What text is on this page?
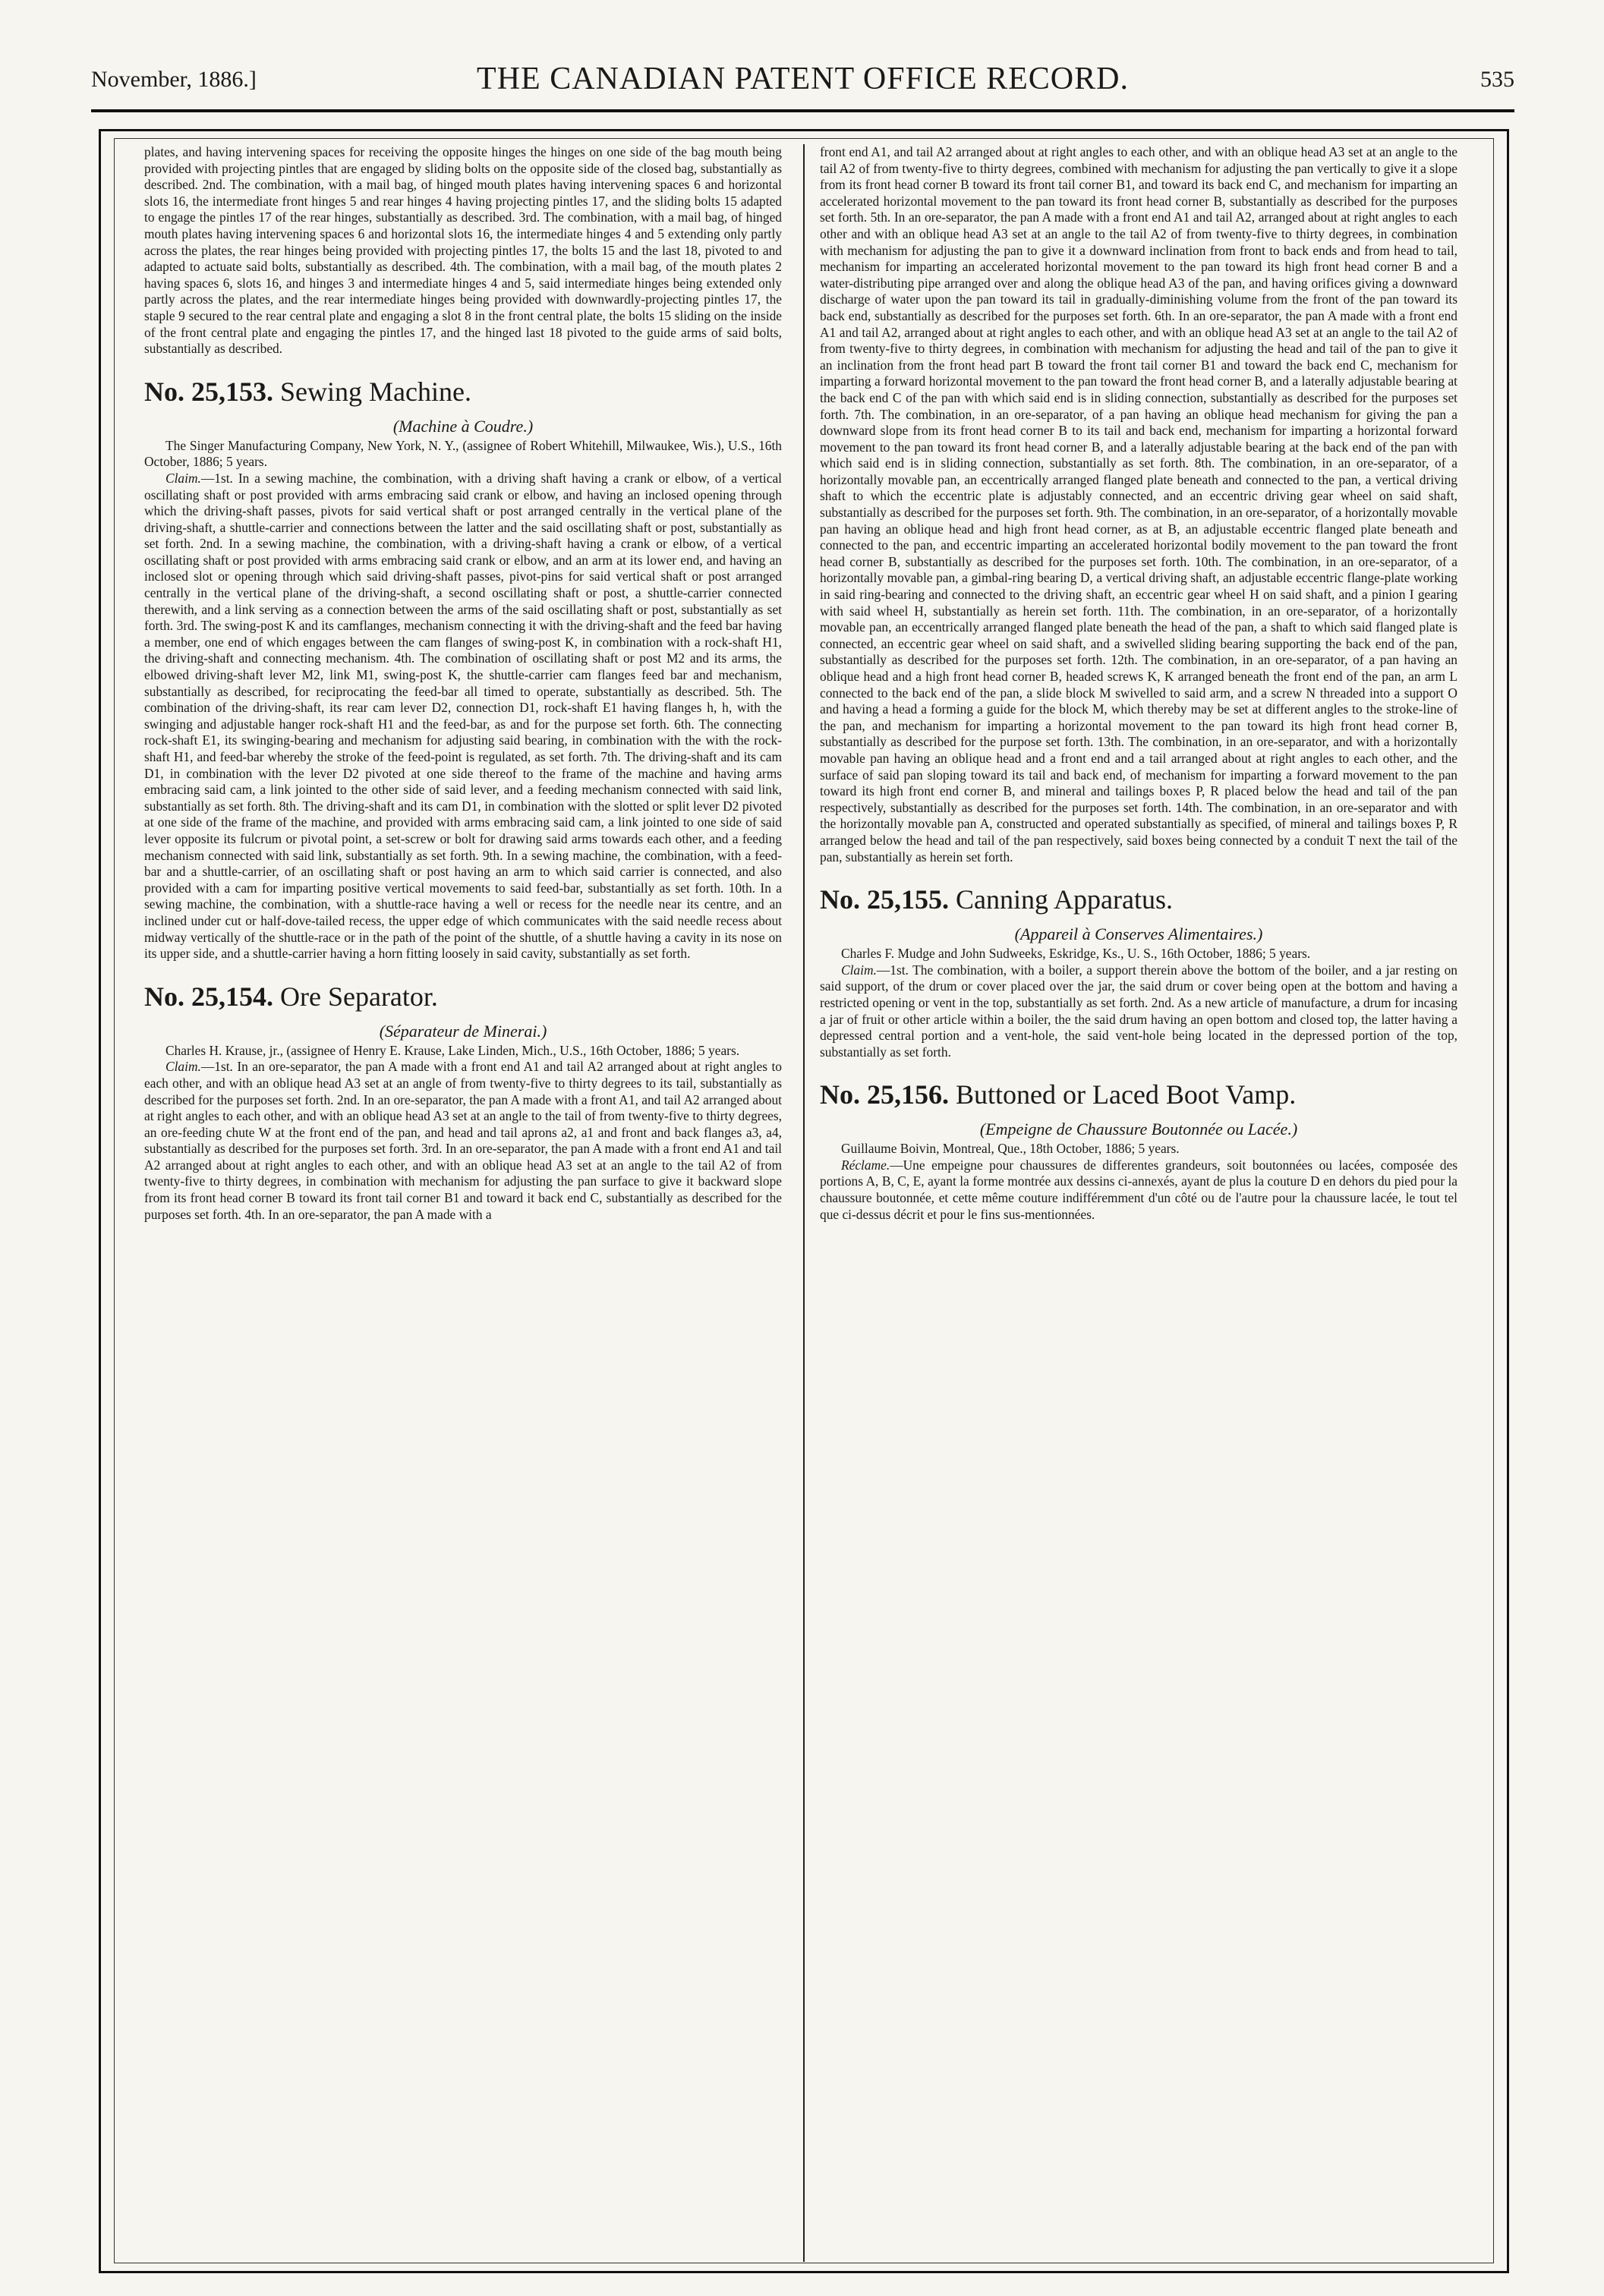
November, 1886.]	THE CANADIAN PATENT OFFICE RECORD.	535

plates, and having intervening spaces for receiving the opposite hinges the hinges on one side of the bag mouth being provided with projecting pintles that are engaged by sliding bolts on the opposite side of the closed bag, substantially as described. 2nd. The combination, with a mail bag, of hinged mouth plates having intervening spaces 6 and horizontal slots 16, the intermediate front hinges 5 and rear hinges 4 having projecting pintles 17, and the sliding bolts 15 adapted to engage the pintles 17 of the rear hinges, substantially as described. 3rd. The combination, with a mail bag, of hinged mouth plates having intervening spaces 6 and horizontal slots 16, the intermediate hinges 4 and 5 extending only partly across the plates, the rear hinges being provided with projecting pintles 17, the bolts 15 and the last 18, pivoted to and adapted to actuate said bolts, substantially as described. 4th. The combination, with a mail bag, of the mouth plates 2 having spaces 6, slots 16, and hinges 3 and intermediate hinges 4 and 5, said intermediate hinges being extended only partly across the plates, and the rear intermediate hinges being provided with downwardly-projecting pintles 17, the staple 9 secured to the rear central plate and engaging a slot 8 in the front central plate, the bolts 15 sliding on the inside of the front central plate and engaging the pintles 17, and the hinged last 18 pivoted to the guide arms of said bolts, substantially as described.

No. 25,153. Sewing Machine.

(Machine à Coudre.)

The Singer Manufacturing Company, New York, N. Y., (assignee of Robert Whitehill, Milwaukee, Wis.), U.S., 16th October, 1886; 5 years.

Claim.—1st. In a sewing machine, the combination, with a driving shaft having a crank or elbow, of a vertical oscillating shaft or post provided with arms embracing said crank or elbow, and having an inclosed opening through which the driving-shaft passes, pivots for said vertical shaft or post arranged centrally in the vertical plane of the driving-shaft, a shuttle-carrier and connections between the latter and the said oscillating shaft or post, substantially as set forth. 2nd. In a sewing machine, the combination, with a driving-shaft having a crank or elbow, of a vertical oscillating shaft or post provided with arms embracing said crank or elbow, and an arm at its lower end, and having an inclosed slot or opening through which said driving-shaft passes, pivot-pins for said vertical shaft or post arranged centrally in the vertical plane of the driving-shaft, a second oscillating shaft or post, a shuttle-carrier connected therewith, and a link serving as a connection between the arms of the said oscillating shaft or post, substantially as set forth. 3rd. The swing-post K and its camflanges, mechanism connecting it with the driving-shaft and the feed bar having a member, one end of which engages between the cam flanges of swing-post K, in combination with a rock-shaft H1, the driving-shaft and connecting mechanism. 4th. The combination of oscillating shaft or post M2 and its arms, the elbowed driving-shaft lever M2, link M1, swing-post K, the shuttle-carrier cam flanges feed bar and mechanism, substantially as described, for reciprocating the feed-bar all timed to operate, substantially as described. 5th. The combination of the driving-shaft, its rear cam lever D2, connection D1, rock-shaft E1 having flanges h, h, with the swinging and adjustable hanger rock-shaft H1 and the feed-bar, as and for the purpose set forth. 6th. The connecting rock-shaft E1, its swinging-bearing and mechanism for adjusting said bearing, in combination with the with the rock-shaft H1, and feed-bar whereby the stroke of the feed-point is regulated, as set forth. 7th. The driving-shaft and its cam D1, in combination with the lever D2 pivoted at one side thereof to the frame of the machine and having arms embracing said cam, a link jointed to the other side of said lever, and a feeding mechanism connected with said link, substantially as set forth. 8th. The driving-shaft and its cam D1, in combination with the slotted or split lever D2 pivoted at one side of the frame of the machine, and provided with arms embracing said cam, a link jointed to one side of said lever opposite its fulcrum or pivotal point, a set-screw or bolt for drawing said arms towards each other, and a feeding mechanism connected with said link, substantially as set forth. 9th. In a sewing machine, the combination, with a feed-bar and a shuttle-carrier, of an oscillating shaft or post having an arm to which said carrier is connected, and also provided with a cam for imparting positive vertical movements to said feed-bar, substantially as set forth. 10th. In a sewing machine, the combination, with a shuttle-race having a well or recess for the needle near its centre, and an inclined under cut or half-dove-tailed recess, the upper edge of which communicates with the said needle recess about midway vertically of the shuttle-race or in the path of the point of the shuttle, of a shuttle having a cavity in its nose on its upper side, and a shuttle-carrier having a horn fitting loosely in said cavity, substantially as set forth.

No. 25,154. Ore Separator.

(Séparateur de Minerai.)

Charles H. Krause, jr., (assignee of Henry E. Krause, Lake Linden, Mich., U.S., 16th October, 1886; 5 years.

Claim.—1st. In an ore-separator, the pan A made with a front end A1 and tail A2 arranged about at right angles to each other, and with an oblique head A3 set at an angle of from twenty-five to thirty degrees to its tail, substantially as described for the purposes set forth. 2nd. In an ore-separator, the pan A made with a front A1, and tail A2 arranged about at right angles to each other, and with an oblique head A3 set at an angle to the tail of from twenty-five to thirty degrees, an ore-feeding chute W at the front end of the pan, and head and tail aprons a2, a1 and front and back flanges a3, a4, substantially as described for the purposes set forth. 3rd. In an ore-separator, the pan A made with a front end A1 and tail A2 arranged about at right angles to each other, and with an oblique head A3 set at an angle to the tail A2 of from twenty-five to thirty degrees, in combination with mechanism for adjusting the pan surface to give it backward slope from its front head corner B toward its front tail corner B1 and toward it back end C, substantially as described for the purposes set forth. 4th. In an ore-separator, the pan A made with a

front end A1, and tail A2 arranged about at right angles to each other, and with an oblique head A3 set at an angle to the tail A2 of from twenty-five to thirty degrees, combined with mechanism for adjusting the pan vertically to give it a slope from its front head corner B toward its front tail corner B1, and toward its back end C, and mechanism for imparting an accelerated horizontal movement to the pan toward its front head corner B, substantially as described for the purposes set forth. 5th. In an ore-separator, the pan A made with a front end A1 and tail A2, arranged about at right angles to each other and with an oblique head A3 set at an angle to the tail A2 of from twenty-five to thirty degrees, in combination with mechanism for adjusting the pan to give it a downward inclination from front to back ends and from head to tail, mechanism for imparting an accelerated horizontal movement to the pan toward its high front head corner B and a water-distributing pipe arranged over and along the oblique head A3 of the pan, and having orifices giving a downward discharge of water upon the pan toward its tail in gradually-diminishing volume from the front of the pan toward its back end, substantially as described for the purposes set forth. 6th. In an ore-separator, the pan A made with a front end A1 and tail A2, arranged about at right angles to each other, and with an oblique head A3 set at an angle to the tail A2 of from twenty-five to thirty degrees, in combination with mechanism for adjusting the head and tail of the pan to give it an inclination from the front head part B toward the front tail corner B1 and toward the back end C, mechanism for imparting a forward horizontal movement to the pan toward the front head corner B, and a laterally adjustable bearing at the back end C of the pan with which said end is in sliding connection, substantially as described for the purposes set forth. 7th. The combination, in an ore-separator, of a pan having an oblique head mechanism for giving the pan a downward slope from its front head corner B to its tail and back end, mechanism for imparting a horizontal forward movement to the pan toward its front head corner B, and a laterally adjustable bearing at the back end of the pan with which said end is in sliding connection, substantially as set forth. 8th. The combination, in an ore-separator, of a horizontally movable pan, an eccentrically arranged flanged plate beneath and connected to the pan, a vertical driving shaft to which the eccentric plate is adjustably connected, and an eccentric driving gear wheel on said shaft, substantially as described for the purposes set forth. 9th. The combination, in an ore-separator, of a horizontally movable pan having an oblique head and high front head corner, as at B, an adjustable eccentric flanged plate beneath and connected to the pan, and eccentric imparting an accelerated horizontal bodily movement to the pan toward the front head corner B, substantially as described for the purposes set forth. 10th. The combination, in an ore-separator, of a horizontally movable pan, a gimbal-ring bearing D, a vertical driving shaft, an adjustable eccentric flange-plate working in said ring-bearing and connected to the driving shaft, an eccentric gear wheel H on said shaft, and a pinion I gearing with said wheel H, substantially as herein set forth. 11th. The combination, in an ore-separator, of a horizontally movable pan, an eccentrically arranged flanged plate beneath the head of the pan, a shaft to which said flanged plate is connected, an eccentric gear wheel on said shaft, and a swivelled sliding bearing supporting the back end of the pan, substantially as described for the purposes set forth. 12th. The combination, in an ore-separator, of a pan having an oblique head and a high front head corner B, headed screws K, K arranged beneath the front end of the pan, an arm L connected to the back end of the pan, a slide block M swivelled to said arm, and a screw N threaded into a support O and having a head a forming a guide for the block M, which thereby may be set at different angles to the stroke-line of the pan, and mechanism for imparting a horizontal movement to the pan toward its high front head corner B, substantially as described for the purpose set forth. 13th. The combination, in an ore-separator, and with a horizontally movable pan having an oblique head and a front end and a tail arranged about at right angles to each other, and the surface of said pan sloping toward its tail and back end, of mechanism for imparting a forward movement to the pan toward its high front end corner B, and mineral and tailings boxes P, R placed below the head and tail of the pan respectively, substantially as described for the purposes set forth. 14th. The combination, in an ore-separator and with the horizontally movable pan A, constructed and operated substantially as specified, of mineral and tailings boxes P, R arranged below the head and tail of the pan respectively, said boxes being connected by a conduit T next the tail of the pan, substantially as herein set forth.

No. 25,155. Canning Apparatus.

(Appareil à Conserves Alimentaires.)

Charles F. Mudge and John Sudweeks, Eskridge, Ks., U. S., 16th October, 1886; 5 years.

Claim.—1st. The combination, with a boiler, a support therein above the bottom of the boiler, and a jar resting on said support, of the drum or cover placed over the jar, the said drum or cover being open at the bottom and having a restricted opening or vent in the top, substantially as set forth. 2nd. As a new article of manufacture, a drum for incasing a jar of fruit or other article within a boiler, the the said drum having an open bottom and closed top, the latter having a depressed central portion and a vent-hole, the said vent-hole being located in the depressed portion of the top, substantially as set forth.

No. 25,156. Buttoned or Laced Boot Vamp.

(Empeigne de Chaussure Boutonnée ou Lacée.)

Guillaume Boivin, Montreal, Que., 18th October, 1886; 5 years.

Réclame.—Une empeigne pour chaussures de differentes grandeurs, soit boutonnées ou lacées, composée des portions A, B, C, E, ayant la forme montrée aux dessins ci-annexés, ayant de plus la couture D en dehors du pied pour la chaussure boutonnée, et cette même couture indifféremment d'un côté ou de l'autre pour la chaussure lacée, le tout tel que ci-dessus décrit et pour le fins sus-mentionnées.
